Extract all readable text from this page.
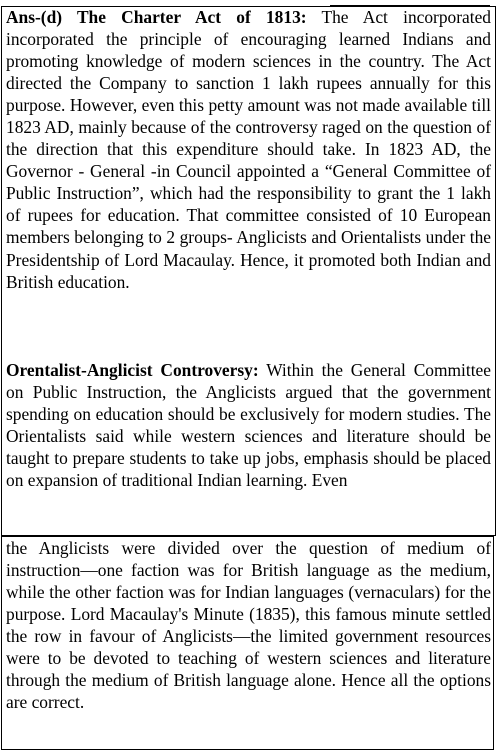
Ans-(d) The Charter Act of 1813: The Act incorporated incorporated the principle of encouraging learned Indians and promoting knowledge of modern sciences in the country. The Act directed the Company to sanction 1 lakh rupees annually for this purpose. However, even this petty amount was not made available till 1823 AD, mainly because of the controversy raged on the question of the direction that this expenditure should take. In 1823 AD, the Governor - General -in Council appointed a “General Committee of Public Instruction”, which had the responsibility to grant the 1 lakh of rupees for education. That committee consisted of 10 European members belonging to 2 groups- Anglicists and Orientalists under the Presidentship of Lord Macaulay. Hence, it promoted both Indian and British education.

Orentalist-Anglicist Controversy: Within the General Committee on Public Instruction, the Anglicists argued that the government spending on education should be exclusively for modern studies. The Orientalists said while western sciences and literature should be taught to prepare students to take up jobs, emphasis should be placed on expansion of traditional Indian learning. Even

the Anglicists were divided over the question of medium of instruction—one faction was for British language as the medium, while the other faction was for Indian languages (vernaculars) for the purpose. Lord Macaulay's Minute (1835), this famous minute settled the row in favour of Anglicists—the limited government resources were to be devoted to teaching of western sciences and literature through the medium of British language alone. Hence all the options are correct.
